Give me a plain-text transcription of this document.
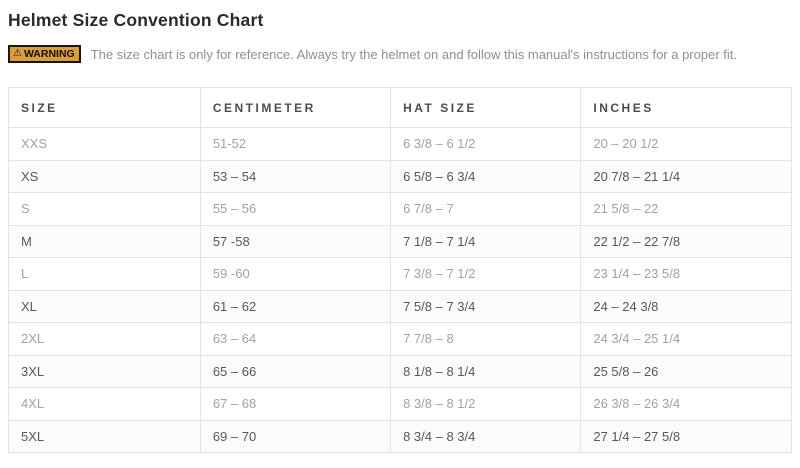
Helmet Size Convention Chart
⚠ WARNING The size chart is only for reference. Always try the helmet on and follow this manual's instructions for a proper fit.
SIZE	CENTIMETER	HAT SIZE	INCHES
XXS	51-52	6 3/8 – 6 1/2	20 – 20 1/2
XS	53 – 54	6 5/8 – 6 3/4	20 7/8 – 21 1/4
S	55 – 56	6 7/8 – 7	21 5/8 – 22
M	57 -58	7 1/8 – 7 1/4	22 1/2 – 22 7/8
L	59 -60	7 3/8 – 7 1/2	23 1/4 – 23 5/8
XL	61 – 62	7 5/8 – 7 3/4	24 – 24 3/8
2XL	63 – 64	7 7/8 – 8	24 3/4 – 25 1/4
3XL	65 – 66	8 1/8 – 8 1/4	25 5/8 – 26
4XL	67 – 68	8 3/8 – 8 1/2	26 3/8 – 26 3/4
5XL	69 – 70	8 3/4 – 8 3/4	27 1/4 – 27 5/8
